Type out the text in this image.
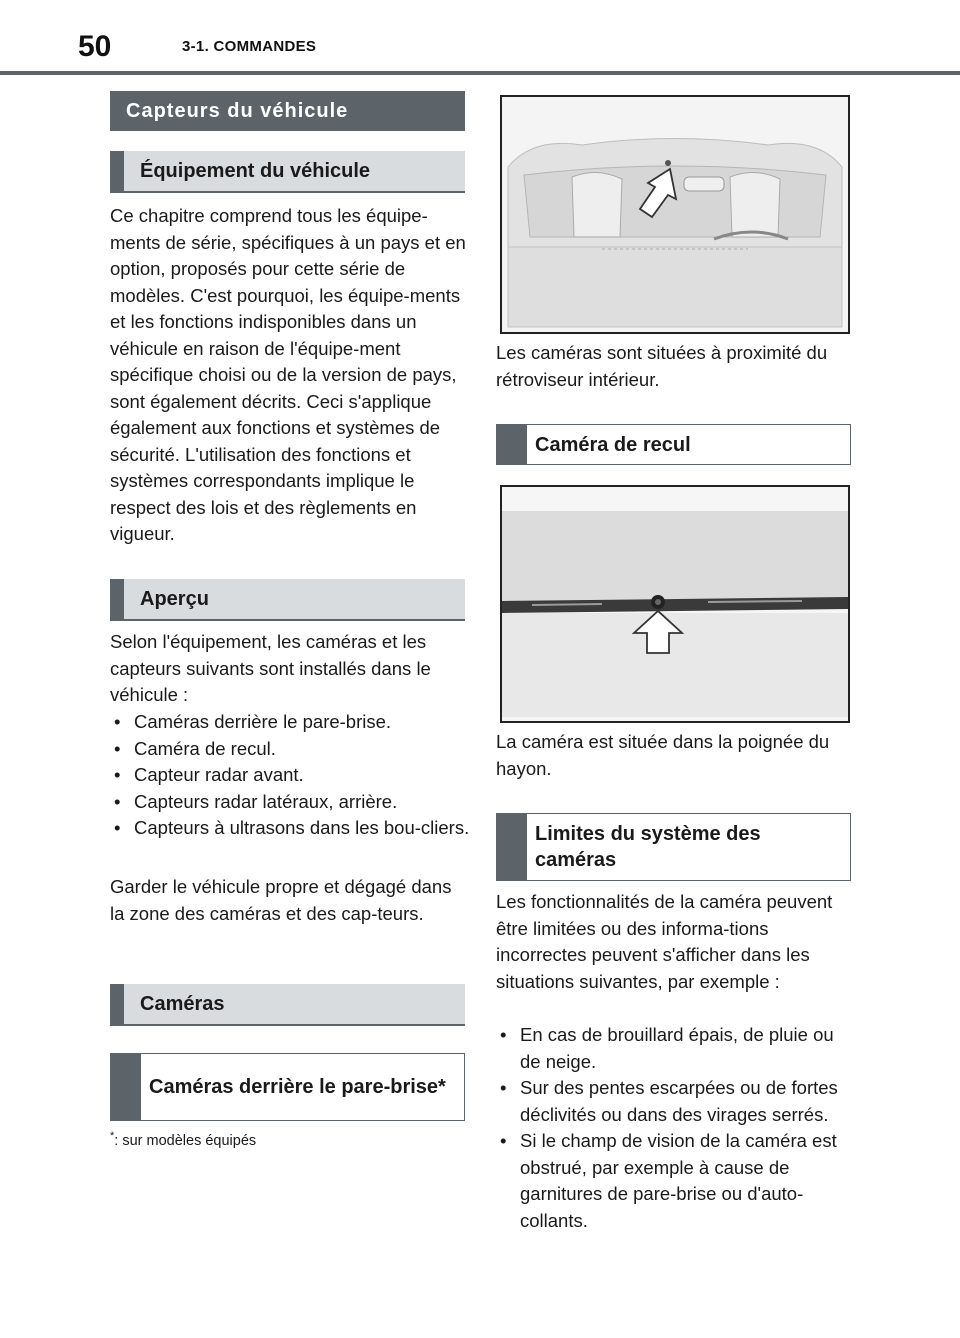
50	3-1. COMMANDES
Capteurs du véhicule
Équipement du véhicule

Ce chapitre comprend tous les équipe-ments de série, spécifiques à un pays et en option, proposés pour cette série de modèles. C'est pourquoi, les équipe-ments et les fonctions indisponibles dans un véhicule en raison de l'équipe-ment spécifique choisi ou de la version de pays, sont également décrits. Ceci s'applique également aux fonctions et systèmes de sécurité. L'utilisation des fonctions et systèmes correspondants implique le respect des lois et des règlements en vigueur.

Aperçu

Selon l'équipement, les caméras et les capteurs suivants sont installés dans le véhicule :

• Caméras derrière le pare-brise.
• Caméra de recul.
• Capteur radar avant.
• Capteurs radar latéraux, arrière.
• Capteurs à ultrasons dans les bou-cliers.

Garder le véhicule propre et dégagé dans la zone des caméras et des cap-teurs.

Caméras
Caméras derrière le pare-brise*
*: sur modèles équipés

Les caméras sont situées à proximité du rétroviseur intérieur.

Caméra de recul

La caméra est située dans la poignée du hayon.

Limites du système des caméras

Les fonctionnalités de la caméra peuvent être limitées ou des informa-tions incorrectes peuvent s'afficher dans les situations suivantes, par exemple :

• En cas de brouillard épais, de pluie ou de neige.
• Sur des pentes escarpées ou de fortes déclivités ou dans des virages serrés.
• Si le champ de vision de la caméra est obstrué, par exemple à cause de garnitures de pare-brise ou d'auto-collants.
